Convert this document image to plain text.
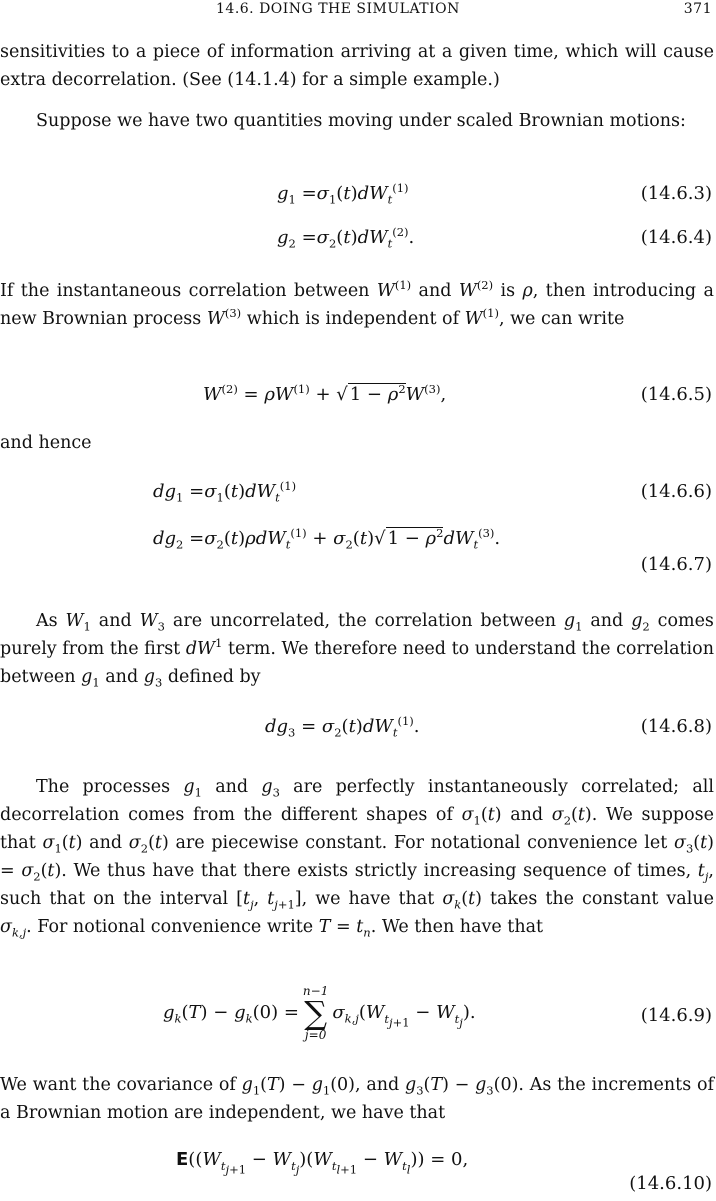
14.6. DOING THE SIMULATION	371

sensitivities to a piece of information arriving at a given time, which will cause extra decorrelation. (See (14.1.4) for a simple example.)

Suppose we have two quantities moving under scaled Brownian motions:

$g_1 =\sigma_1(t)dW_t^{(1)}$	(14.6.3)
$g_2 =\sigma_2(t)dW_t^{(2)}$.	(14.6.4)

If the instantaneous correlation between $W^{(1)}$ and $W^{(2)}$ is ρ, then introducing a new Brownian process $W^{(3)}$ which is independent of $W^{(1)}$, we can write

$W^{(2)} = \rho W^{(1)}$ + √ $1 - \rho^2W^{(3)}$,	(14.6.5)

and hence

$dg_1 =\sigma_1(t)dW_t^{(1)}$	(14.6.6)
$dg_2 =\sigma_2(t)\rho dW_t^{(1)} + \sigma_2(t)√$ $1 - \rho^2dW_t^{(3)}$.
(14.6.7)

As $W_1$ and $W_3$ are uncorrelated, the correlation between $g_1$ and $g_2$ comes purely from the first $dW^1$ term. We therefore need to understand the correlation between $g_1$ and $g_3$ defined by

$dg_3 = \sigma_2(t)dW_t^{(1)}$.	(14.6.8)

The processes $g_1$ and $g_3$ are perfectly instantaneously correlated; all decorrelation comes from the different shapes of $\sigma_1(t)$ and $\sigma_2(t)$. We suppose that $\sigma_1(t)$ and $\sigma_2(t)$ are piecewise constant. For notational convenience let $\sigma_3(t) = \sigma_2(t)$. We thus have that there exists strictly increasing sequence of times, $t_j$, such that on the interval [$t_j$, $t_{j+1}$], we have that $\sigma_k(t)$ takes the constant value $\sigma_{k,j}$. For notional convenience write $T = t_n$. We then have that

$g_k(T) - g_k(0)$ =
n−1
∑
j=0
$\sigma_{k,j}(W_{t_{j+1}} - W_{t_j})$.	(14.6.9)

We want the covariance of $g_1(T) - g_1(0)$, and $g_3(T) - g_3(0)$. As the increments of a Brownian motion are independent, we have that

$E((W_{t_{j+1}} - W_{t_j})(W_{t_{l+1}} - W_{t_l})) = 0$,
(14.6.10)
